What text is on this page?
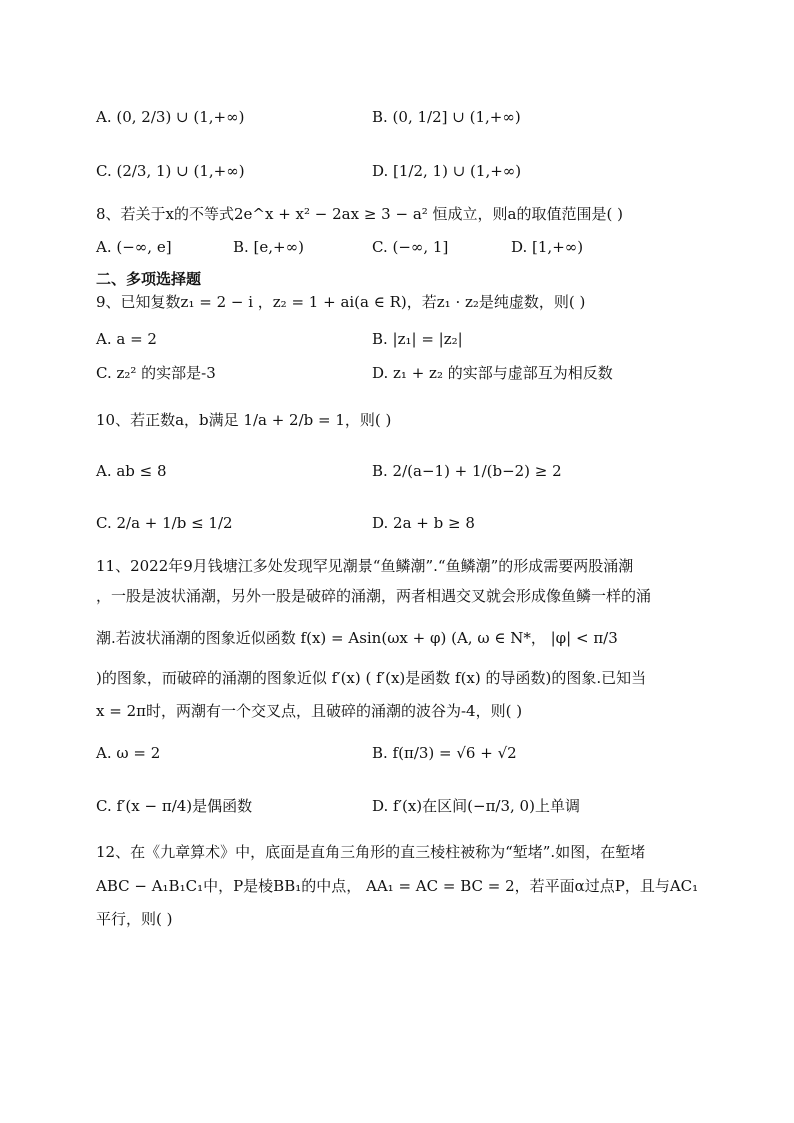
A. (0, 2/3) ∪ (1,+∞)	B. (0, 1/2] ∪ (1,+∞)
C. (2/3, 1) ∪ (1,+∞)	D. [1/2, 1) ∪ (1,+∞)
8、若关于x的不等式2e^x + x² − 2ax ≥ 3 − a² 恒成立，则a的取值范围是( )
A. (−∞, e]	B. [e,+∞)	C. (−∞, 1]	D. [1,+∞)
二、多项选择题
9、已知复数z₁ = 2 − i ，z₂ = 1 + ai(a ∈ R)，若z₁ · z₂是纯虚数，则( )
A. a = 2	B. |z₁| = |z₂|
C. z₂² 的实部是-3	D. z₁ + z₂ 的实部与虚部互为相反数
10、若正数a，b满足 1/a + 2/b = 1，则( )
A. ab ≤ 8	B. 2/(a−1) + 1/(b−2) ≥ 2
C. 2/a + 1/b ≤ 1/2	D. 2a + b ≥ 8
11、2022年9月钱塘江多处发现罕见潮景“鱼鳞潮”.“鱼鳞潮”的形成需要两股涌潮
，一股是波状涌潮，另外一股是破碎的涌潮，两者相遇交叉就会形成像鱼鳞一样的涌
潮.若波状涌潮的图象近似函数 f(x) = Asin(ωx + φ) (A, ω ∈ N*， |φ| < π/3
)的图象，而破碎的涌潮的图象近似 f′(x) ( f′(x)是函数 f(x) 的导函数)的图象.已知当
x = 2π时，两潮有一个交叉点，且破碎的涌潮的波谷为-4，则( )
A. ω = 2	B. f(π/3) = √6 + √2
C. f′(x − π/4)是偶函数	D. f′(x)在区间(−π/3, 0)上单调
12、在《九章算术》中，底面是直角三角形的直三棱柱被称为“堑堵”.如图，在堑堵
ABC − A₁B₁C₁中，P是棱BB₁的中点， AA₁ = AC = BC = 2，若平面α过点P，且与AC₁
平行，则( )
